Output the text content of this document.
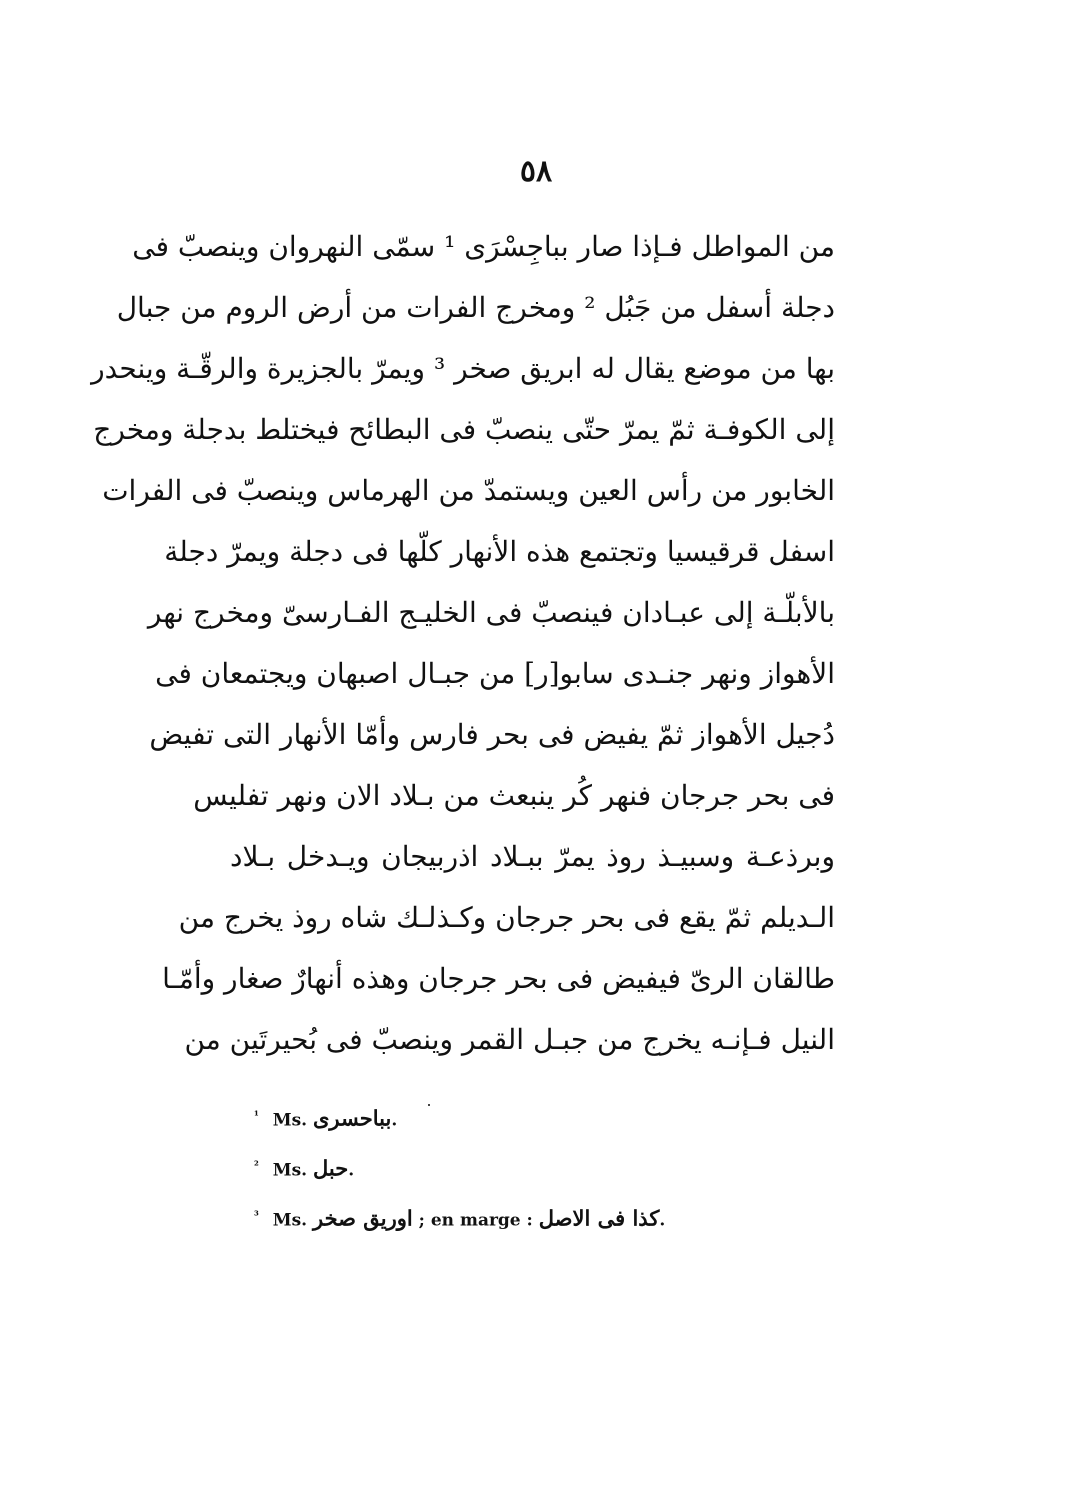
٥٨
من المواطل فـإذا صار بباجِسْرَى ¹ سمّى النهروان وينصبّ فى
دجلة أسفل من جَبُل ² ومخرج الفرات من أرض الروم من جبال
بها من موضع يقال له ابريق صخر ³ ويمرّ بالجزيرة والرقّـة وينحدر
إلى الكوفـة ثمّ يمرّ حتّى ينصبّ فى البطائح فيختلط بدجلة ومخرج
الخابور من رأس العين ويستمدّ من الهرماس وينصبّ فى الفرات
اسفل قرقيسيا وتجتمع هذه الأنهار كلّها فى دجلة ويمرّ دجلة
بالأبلّـة إلى عبـادان فينصبّ فى الخليـج الفـارسىّ ومخرج نهر
الأهواز ونهر جنـدى سابو[ر] من جبـال اصبهان ويجتمعان فى
دُجيل الأهواز ثمّ يفيض فى بحر فارس وأمّا الأنهار التى تفيض
فى بحر جرجان فنهر كُر ينبعث من بـلاد الان ونهر تفليس
وبرذعـة وسبيـذ روذ يمرّ ببـلاد اذربيجان ويـدخل بـلاد
الـديلم ثمّ يقع فى بحر جرجان وكـذلـك شاه روذ يخرج من
طالقان الرىّ فيفيض فى بحر جرجان وهذه أنهارٌ صغار وأمّـا
النيل فـإنـه يخرج من جبـل القمر وينصبّ فى بُحيرتَين من
¹ Ms. بباحسرى.
² Ms. حبل.
³ Ms. اوريق صخر ; en marge : كذا فى الاصل.
